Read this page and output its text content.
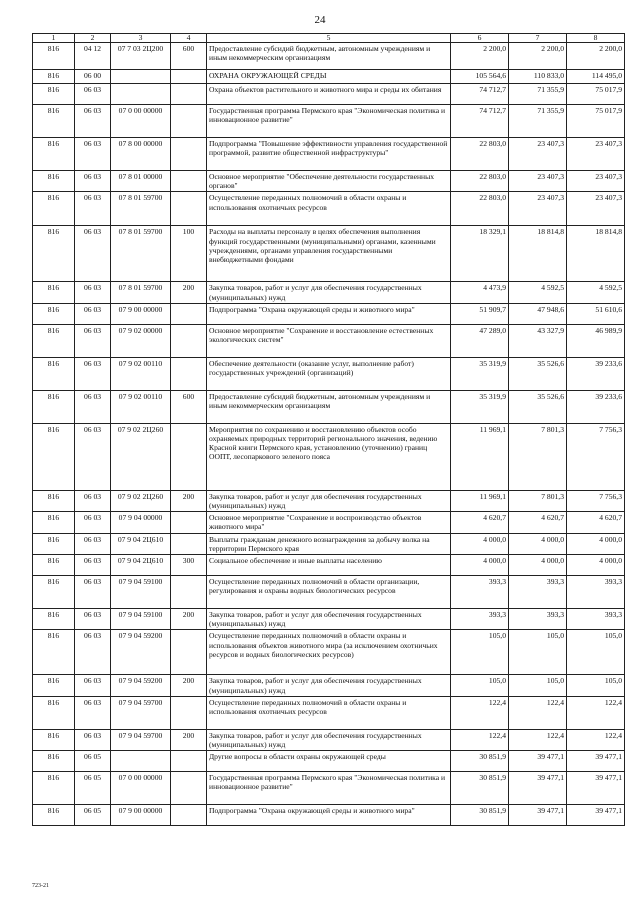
24
1	2	3	4	5	6	7	8
816	04 12	07 7 03 2Ц200	600	Предоставление субсидий бюджетным, автономным учреждениям и иным некоммерческим организациям	2 200,0	2 200,0	2 200,0
816	06 00			ОХРАНА ОКРУЖАЮЩЕЙ СРЕДЫ	105 564,6	110 833,0	114 495,0
816	06 03			Охрана объектов растительного и животного мира и среды их обитания	74 712,7	71 355,9	75 017,9
816	06 03	07 0 00 00000		Государственная программа Пермского края "Экономическая политика и инновационное развитие"	74 712,7	71 355,9	75 017,9
816	06 03	07 8 00 00000		Подпрограмма "Повышение эффективности управления государственной программой, развитие общественной инфраструктуры"	22 803,0	23 407,3	23 407,3
816	06 03	07 8 01 00000		Основное мероприятие "Обеспечение деятельности государственных органов"	22 803,0	23 407,3	23 407,3
816	06 03	07 8 01 59700		Осуществление переданных полномочий в области охраны и использования охотничьих ресурсов	22 803,0	23 407,3	23 407,3
816	06 03	07 8 01 59700	100	Расходы на выплаты персоналу в целях обеспечения выполнения функций государственными (муниципальными) органами, казенными учреждениями, органами управления государственными внебюджетными фондами	18 329,1	18 814,8	18 814,8
816	06 03	07 8 01 59700	200	Закупка товаров, работ и услуг для обеспечения государственных (муниципальных) нужд	4 473,9	4 592,5	4 592,5
816	06 03	07 9 00 00000		Подпрограмма "Охрана окружающей среды и животного мира"	51 909,7	47 948,6	51 610,6
816	06 03	07 9 02 00000		Основное мероприятие "Сохранение и восстановление естественных экологических систем"	47 289,0	43 327,9	46 989,9
816	06 03	07 9 02 00110		Обеспечение деятельности (оказание услуг, выполнение работ) государственных учреждений (организаций)	35 319,9	35 526,6	39 233,6
816	06 03	07 9 02 00110	600	Предоставление субсидий бюджетным, автономным учреждениям и иным некоммерческим организациям	35 319,9	35 526,6	39 233,6
816	06 03	07 9 02 2Ц260		Мероприятия по сохранению и восстановлению объектов особо охраняемых природных территорий регионального значения, ведению Красной книги Пермского края, установлению (уточнению) границ ООПТ, лесопаркового зеленого пояса	11 969,1	7 801,3	7 756,3
816	06 03	07 9 02 2Ц260	200	Закупка товаров, работ и услуг для обеспечения государственных (муниципальных) нужд	11 969,1	7 801,3	7 756,3
816	06 03	07 9 04 00000		Основное мероприятие "Сохранение и воспроизводство объектов животного мира"	4 620,7	4 620,7	4 620,7
816	06 03	07 9 04 2Ц610		Выплаты гражданам денежного вознаграждения за добычу волка на территории Пермского края	4 000,0	4 000,0	4 000,0
816	06 03	07 9 04 2Ц610	300	Социальное обеспечение и иные выплаты населению	4 000,0	4 000,0	4 000,0
816	06 03	07 9 04 59100		Осуществление переданных полномочий в области организации, регулирования и охраны водных биологических ресурсов	393,3	393,3	393,3
816	06 03	07 9 04 59100	200	Закупка товаров, работ и услуг для обеспечения государственных (муниципальных) нужд	393,3	393,3	393,3
816	06 03	07 9 04 59200		Осуществление переданных полномочий в области охраны и использования объектов животного мира (за исключением охотничьих ресурсов и водных биологических ресурсов)	105,0	105,0	105,0
816	06 03	07 9 04 59200	200	Закупка товаров, работ и услуг для обеспечения государственных (муниципальных) нужд	105,0	105,0	105,0
816	06 03	07 9 04 59700		Осуществление переданных полномочий в области охраны и использования охотничьих ресурсов	122,4	122,4	122,4
816	06 03	07 9 04 59700	200	Закупка товаров, работ и услуг для обеспечения государственных (муниципальных) нужд	122,4	122,4	122,4
816	06 05			Другие вопросы в области охраны окружающей среды	30 851,9	39 477,1	39 477,1
816	06 05	07 0 00 00000		Государственная программа Пермского края "Экономическая политика и инновационное развитие"	30 851,9	39 477,1	39 477,1
816	06 05	07 9 00 00000		Подпрограмма "Охрана окружающей среды и животного мира"	30 851,9	39 477,1	39 477,1
723-21
